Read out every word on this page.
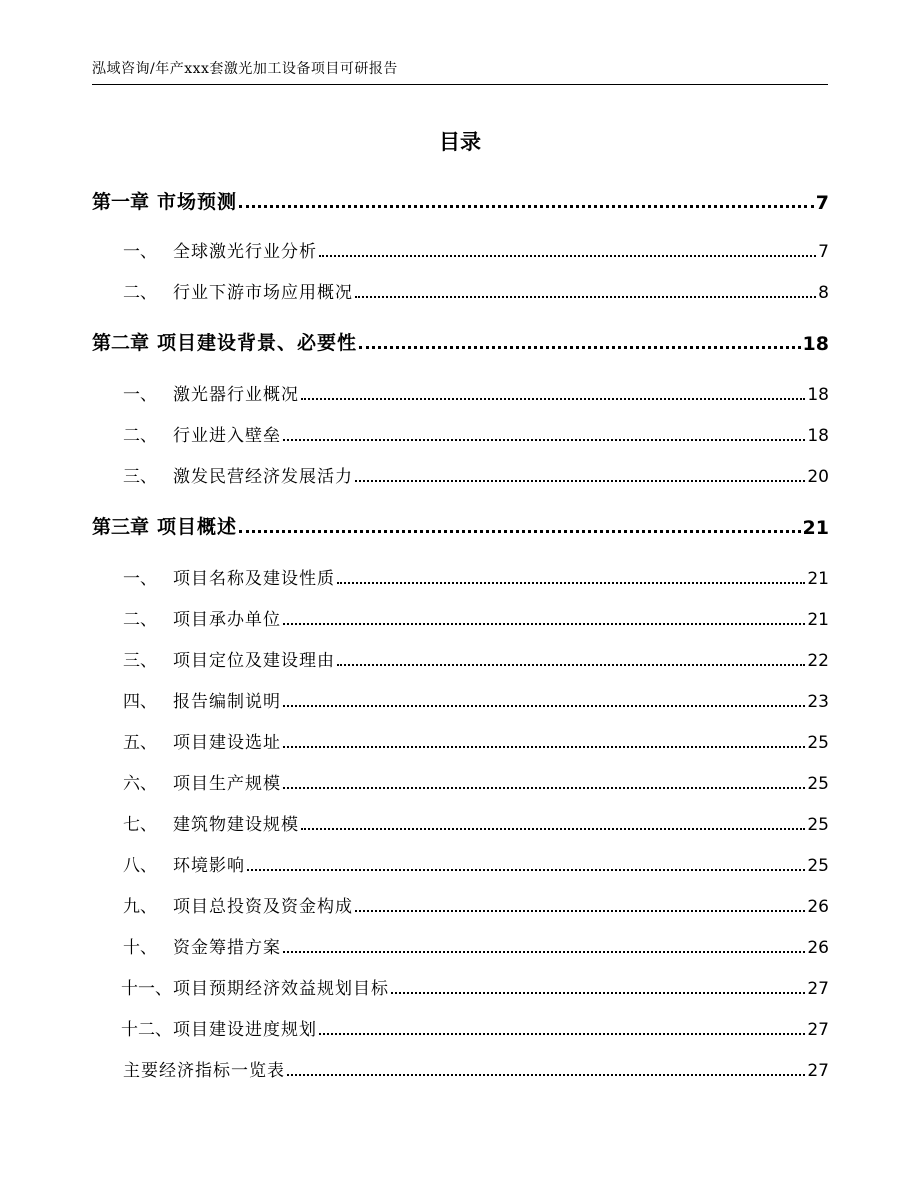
泓域咨询/年产xxx套激光加工设备项目可研报告
目录
第一章 市场预测	7
一、 全球激光行业分析	7
二、 行业下游市场应用概况	8
第二章 项目建设背景、必要性	18
一、 激光器行业概况	18
二、 行业进入壁垒	18
三、 激发民营经济发展活力	20
第三章 项目概述	21
一、 项目名称及建设性质	21
二、 项目承办单位	21
三、 项目定位及建设理由	22
四、 报告编制说明	23
五、 项目建设选址	25
六、 项目生产规模	25
七、 建筑物建设规模	25
八、 环境影响	25
九、 项目总投资及资金构成	26
十、 资金筹措方案	26
十一、 项目预期经济效益规划目标	27
十二、 项目建设进度规划	27
主要经济指标一览表	27
